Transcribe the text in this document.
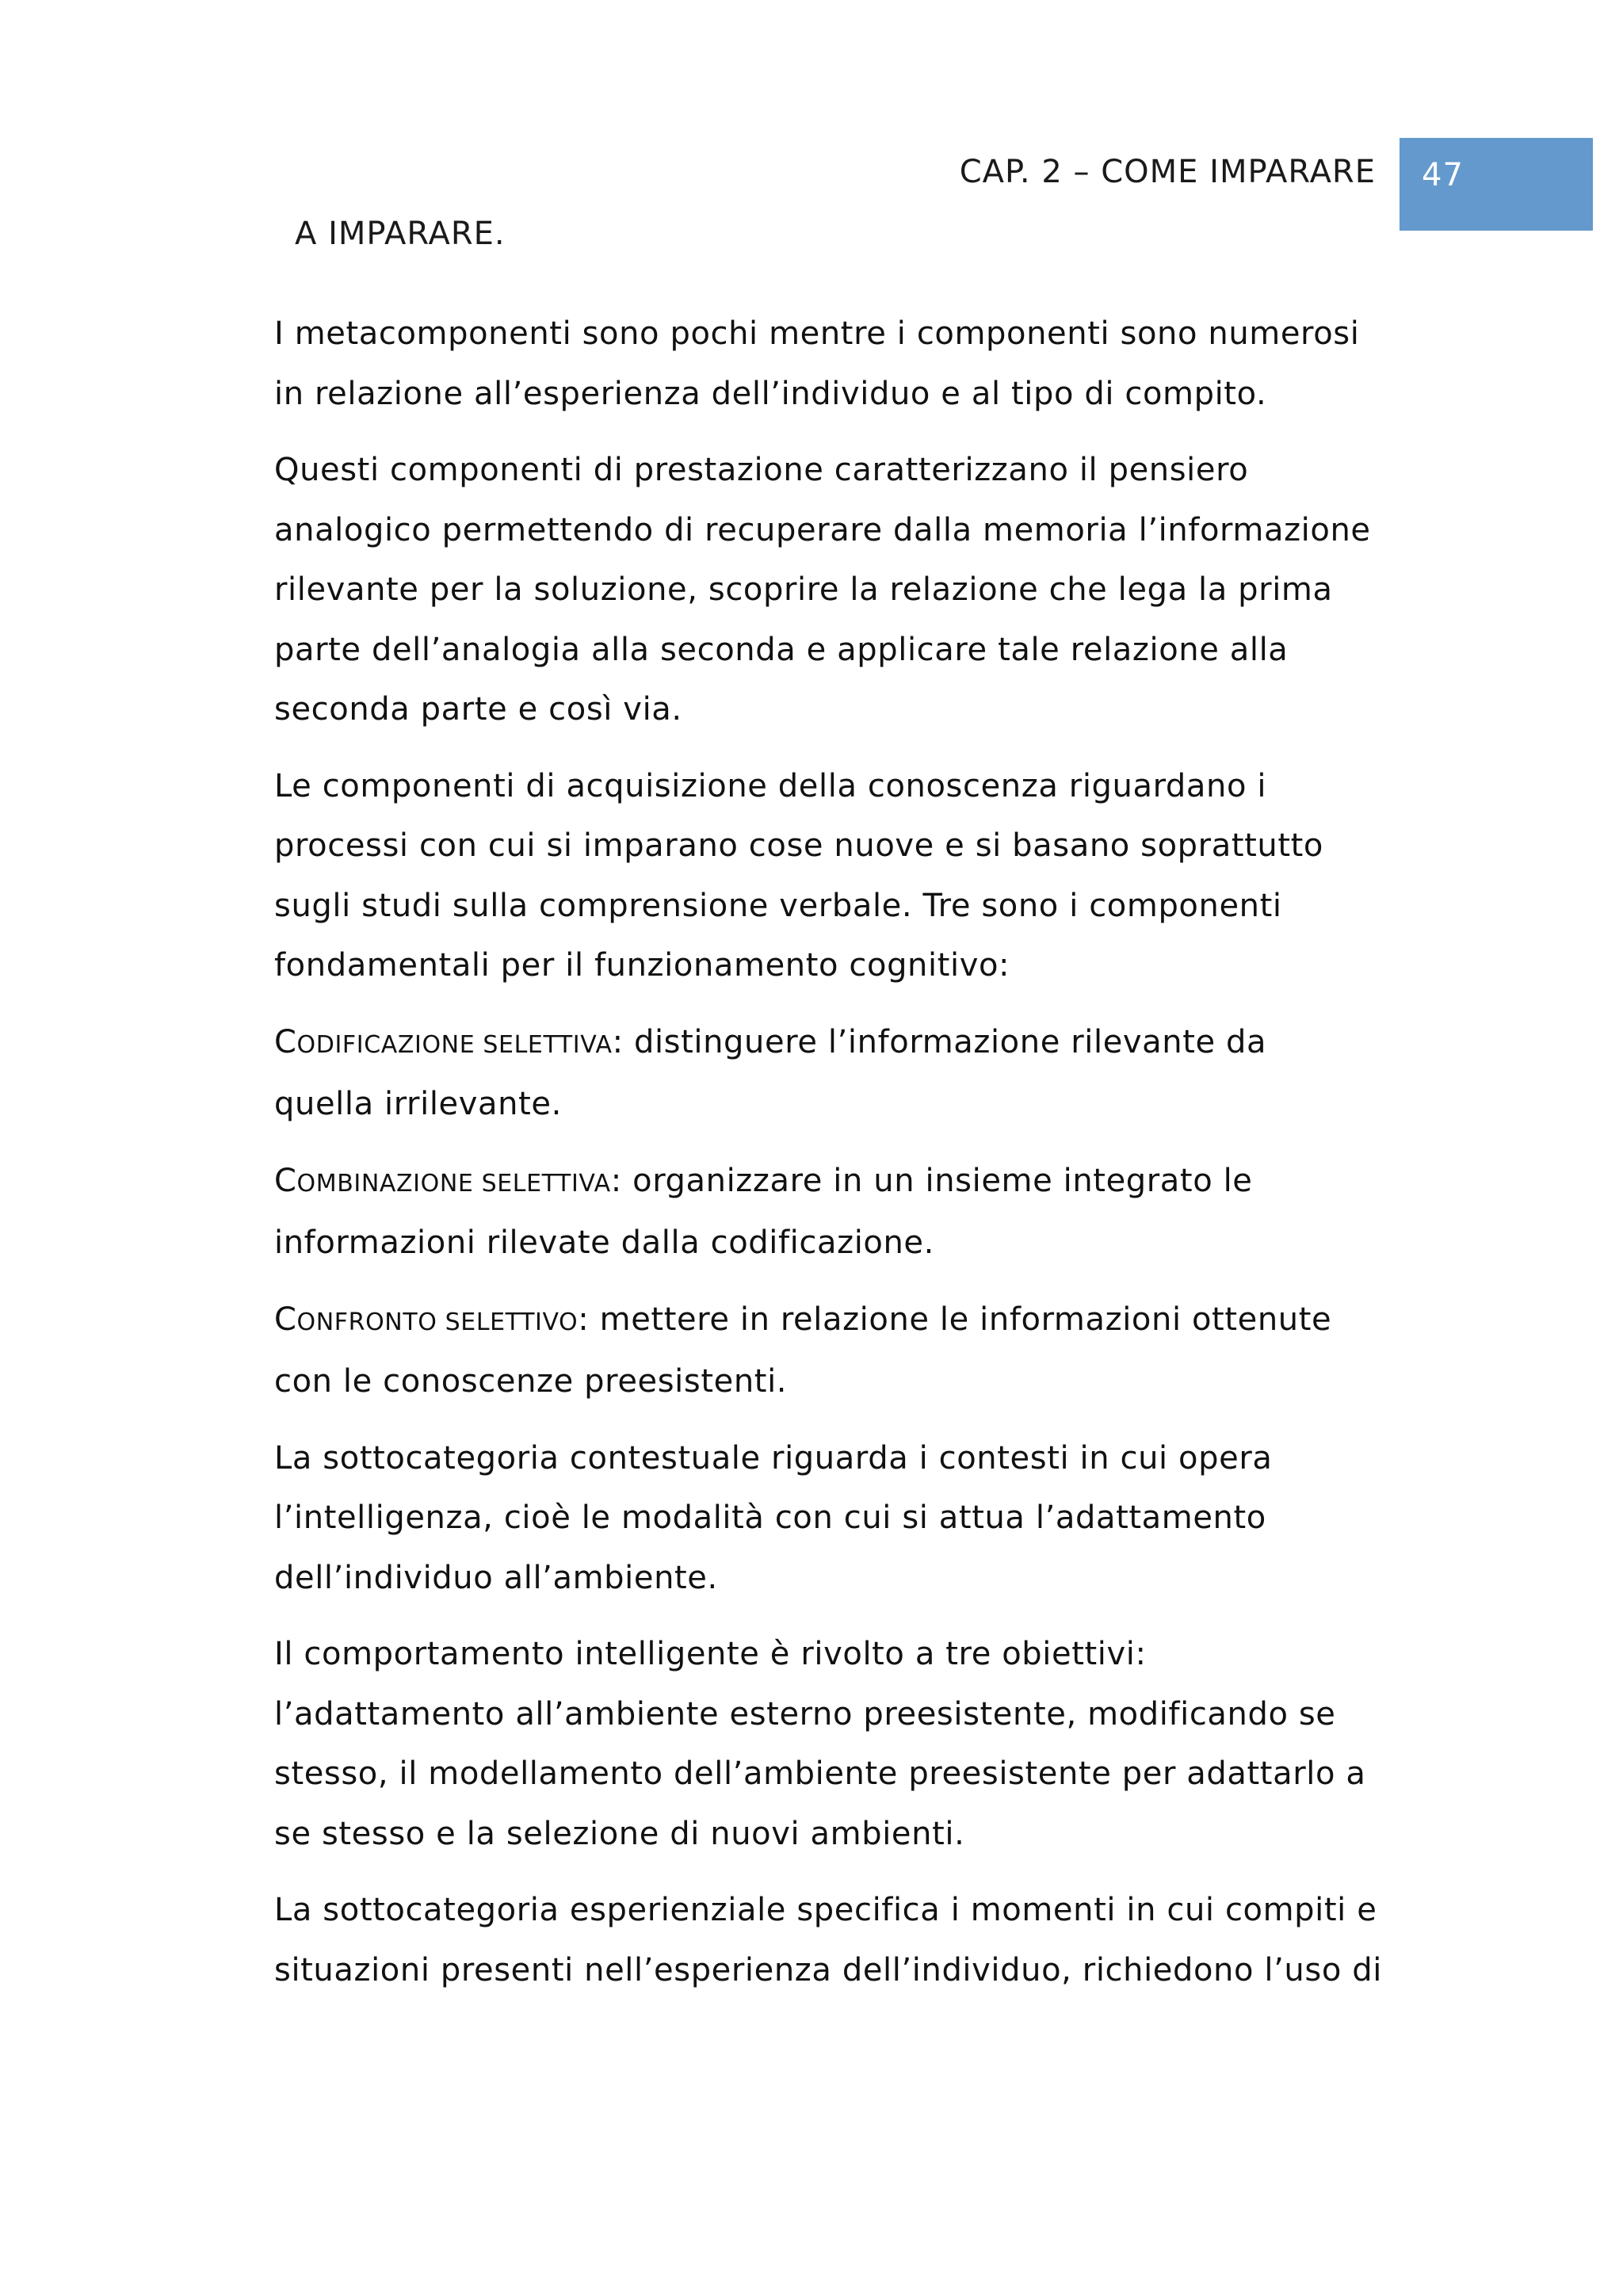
CAP. 2 – COME IMPARARE 47
A IMPARARE.

I metacomponenti sono pochi mentre i componenti sono numerosi
in relazione all’esperienza dell’individuo e al tipo di compito.

Questi componenti di prestazione caratterizzano il pensiero
analogico permettendo di recuperare dalla memoria l’informazione
rilevante per la soluzione, scoprire la relazione che lega la prima
parte dell’analogia alla seconda e applicare tale relazione alla
seconda parte e così via.

Le componenti di acquisizione della conoscenza riguardano i
processi con cui si imparano cose nuove e si basano soprattutto
sugli studi sulla comprensione verbale. Tre sono i componenti
fondamentali per il funzionamento cognitivo:

CODIFICAZIONE SELETTIVA: distinguere l’informazione rilevante da
quella irrilevante.

COMBINAZIONE SELETTIVA: organizzare in un insieme integrato le
informazioni rilevate dalla codificazione.

CONFRONTO SELETTIVO: mettere in relazione le informazioni ottenute
con le conoscenze preesistenti.

La sottocategoria contestuale riguarda i contesti in cui opera
l’intelligenza, cioè le modalità con cui si attua l’adattamento
dell’individuo all’ambiente.

Il comportamento intelligente è rivolto a tre obiettivi:
l’adattamento all’ambiente esterno preesistente, modificando se
stesso, il modellamento dell’ambiente preesistente per adattarlo a
se stesso e la selezione di nuovi ambienti.

La sottocategoria esperienziale specifica i momenti in cui compiti e
situazioni presenti nell’esperienza dell’individuo, richiedono l’uso di
